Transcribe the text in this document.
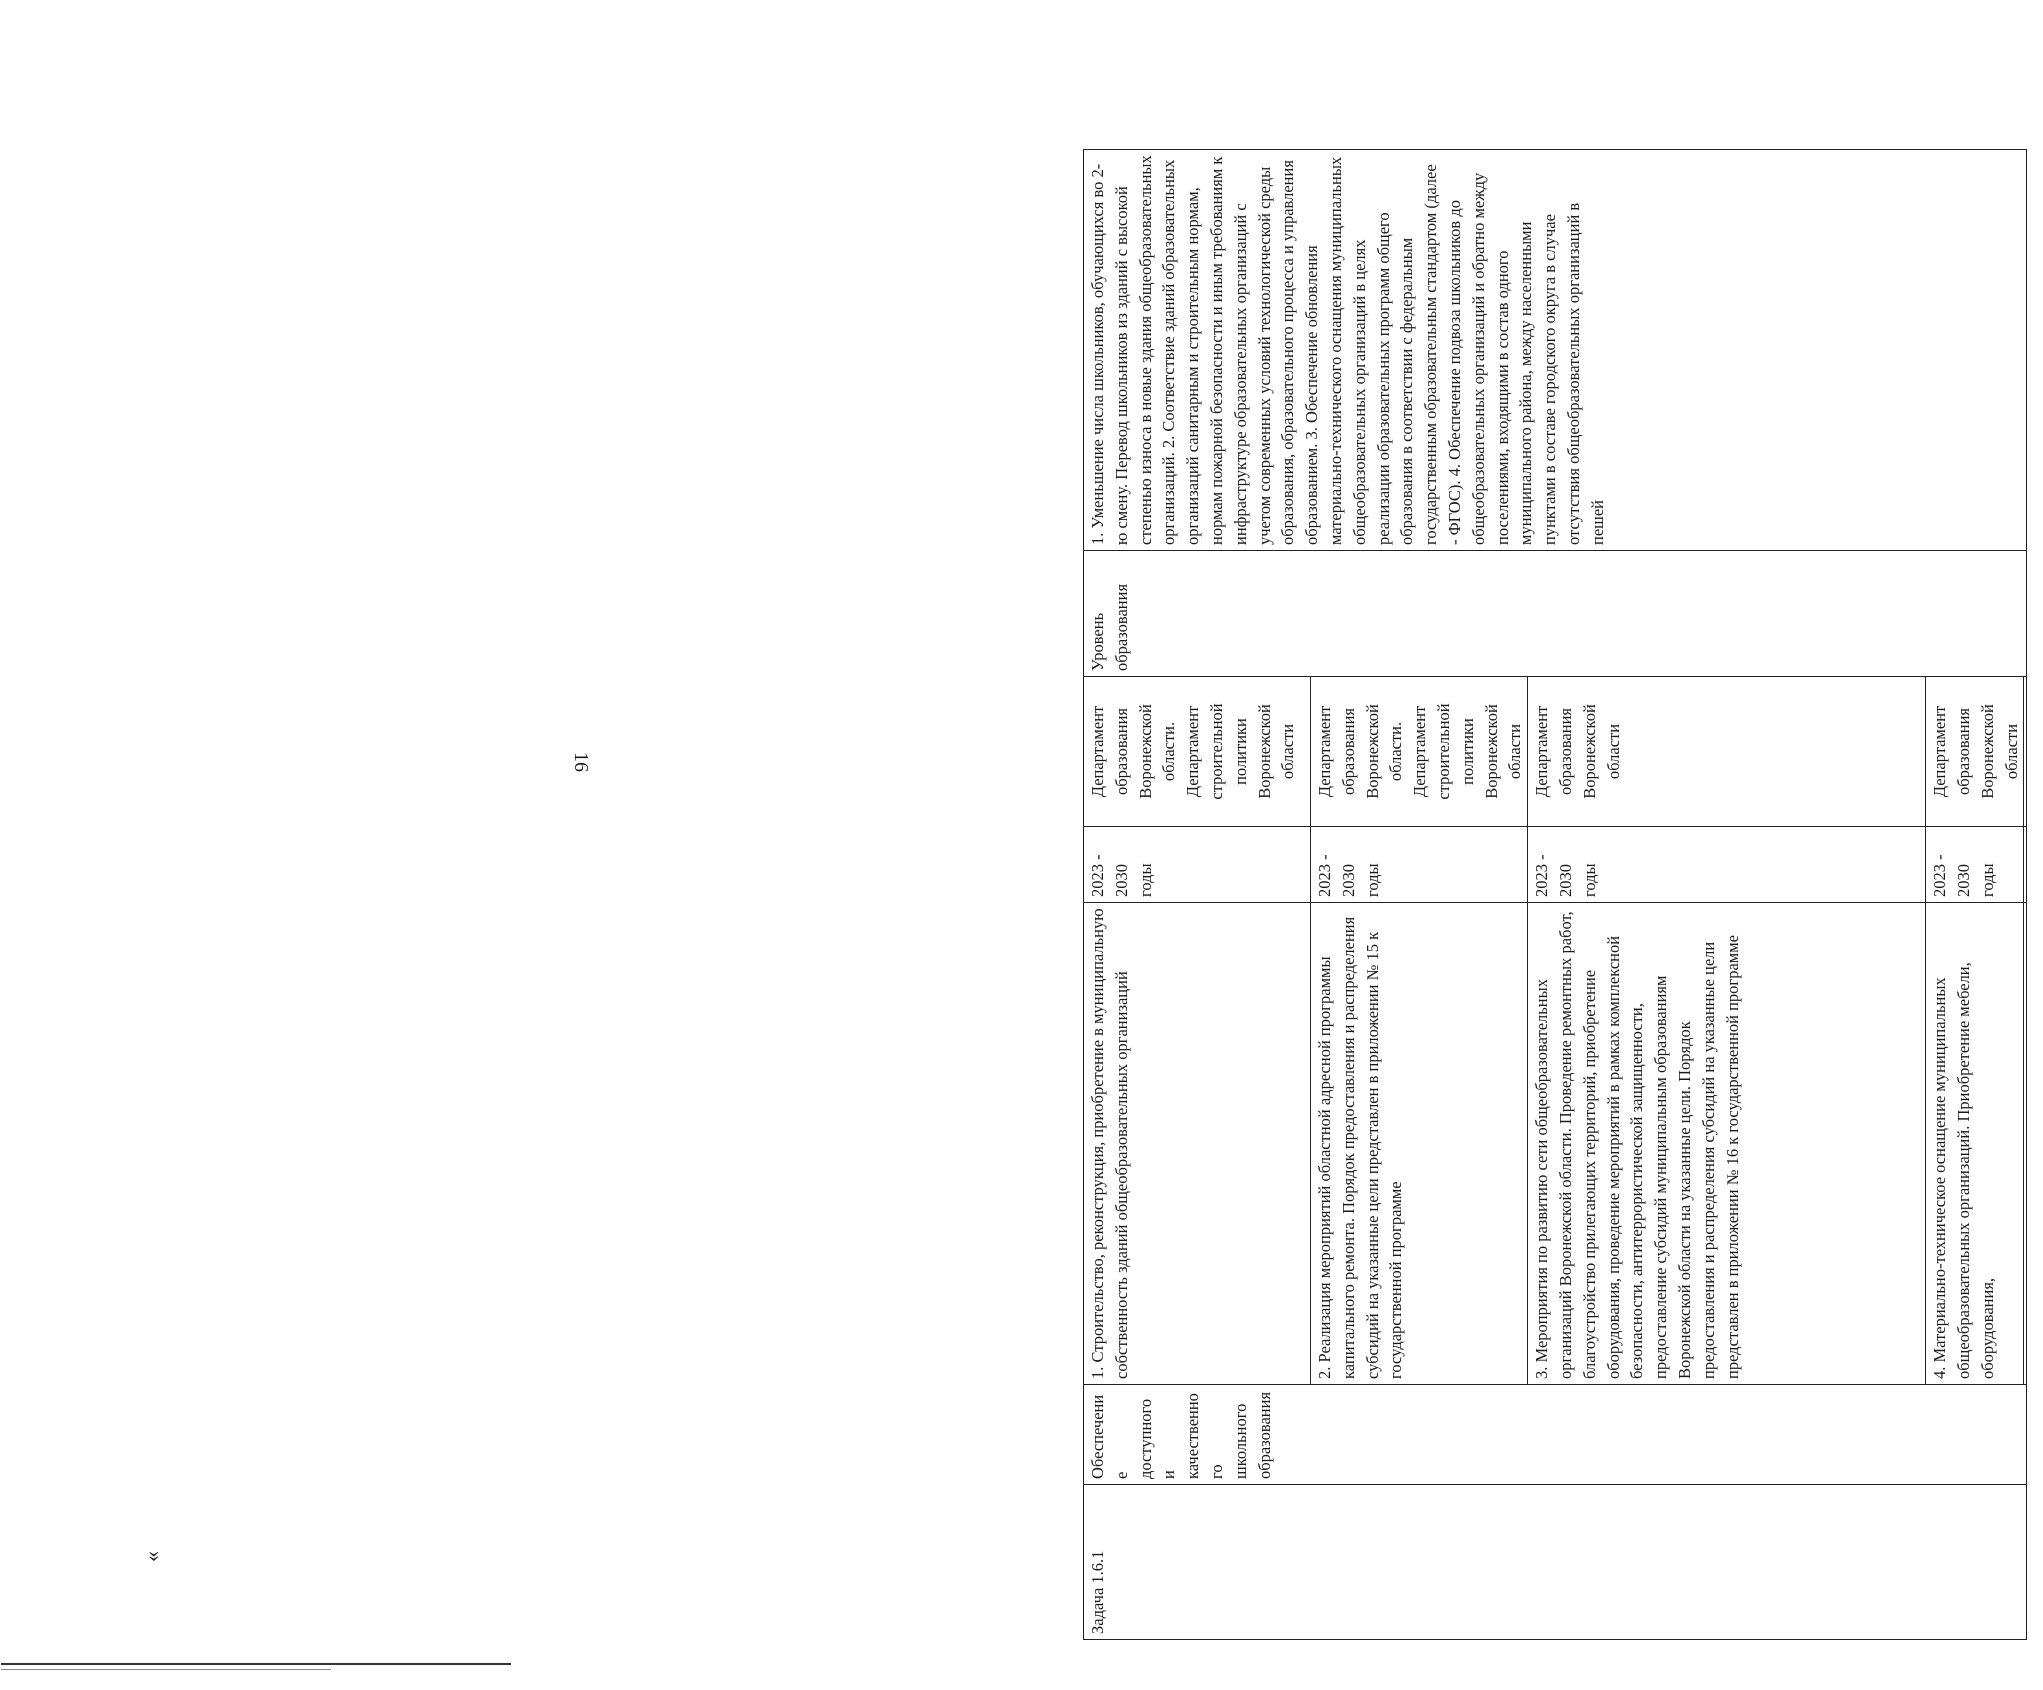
16
«	Задача 1.6.1	Обеспечение доступного и качественного школьного образования	1. Строительство, реконструкция, приобретение в муниципальную собственность зданий общеобразовательных организаций	2023 - 2030 годы	Департамент образования Воронежской области. Департамент строительной политики Воронежской области	Уровень образования	1. Уменьшение числа школьников, обучающихся во 2-ю смену. Перевод школьников из зданий с высокой степенью износа в новые здания общеобразовательных организаций. 2. Соответствие зданий образовательных организаций санитарным и строительным нормам, нормам пожарной безопасности и иным требованиям к инфраструктуре образовательных организаций с учетом современных условий технологической среды образования, образовательного процесса и управления образованием. 3. Обеспечение обновления материально-технического оснащения муниципальных общеобразовательных организаций в целях реализации образовательных программ общего образования в соответствии с федеральным государственным образовательным стандартом (далее - ФГОС). 4. Обеспечение подвоза школьников до общеобразовательных организаций и обратно между поселениями, входящими в состав одного муниципального района, между населенными пунктами в составе городского округа в случае отсутствия общеобразовательных организаций в пешей
		2. Реализация мероприятий областной адресной программы капитального ремонта. Порядок предоставления и распределения субсидий на указанные цели представлен в приложении № 15 к государственной программе	2023 - 2030 годы	Департамент образования Воронежской области. Департамент строительной политики Воронежской области		
		3. Мероприятия по развитию сети общеобразовательных организаций Воронежской области. Проведение ремонтных работ, благоустройство прилегающих территорий, приобретение оборудования, проведение мероприятий в рамках комплексной безопасности, антитеррористической защищенности, предоставление субсидий муниципальным образованиям Воронежской области на указанные цели. Порядок предоставления и распределения субсидий на указанные цели представлен в приложении № 16 к государственной программе	2023 - 2030 годы	Департамент образования Воронежской области		
		4. Материально-техническое оснащение муниципальных общеобразовательных организаций. Приобретение мебели, оборудования,	2023 - 2030 годы	Департамент образования Воронежской области		
